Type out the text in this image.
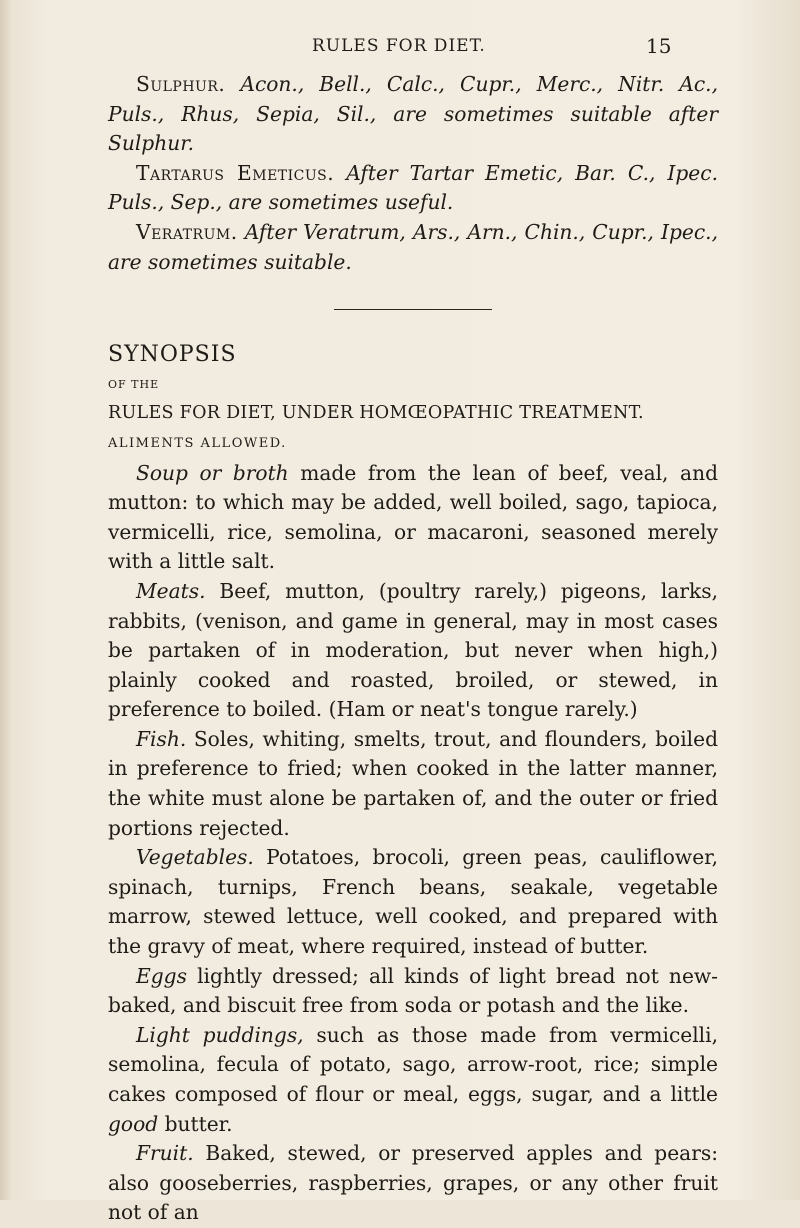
RULES FOR DIET.	15

Sulphur. Acon., Bell., Calc., Cupr., Merc., Nitr. Ac., Puls., Rhus, Sepia, Sil., are sometimes suitable after Sulphur.

Tartarus Emeticus. After Tartar Emetic, Bar. C., Ipec. Puls., Sep., are sometimes useful.

Veratrum. After Veratrum, Ars., Arn., Chin., Cupr., Ipec., are sometimes suitable.

SYNOPSIS

OF THE

RULES FOR DIET, UNDER HOMŒOPATHIC TREATMENT.

ALIMENTS ALLOWED.

Soup or broth made from the lean of beef, veal, and mutton: to which may be added, well boiled, sago, tapioca, vermicelli, rice, semolina, or macaroni, seasoned merely with a little salt.

Meats. Beef, mutton, (poultry rarely,) pigeons, larks, rabbits, (venison, and game in general, may in most cases be partaken of in moderation, but never when high,) plainly cooked and roasted, broiled, or stewed, in preference to boiled. (Ham or neat's tongue rarely.)

Fish. Soles, whiting, smelts, trout, and flounders, boiled in preference to fried; when cooked in the latter manner, the white must alone be partaken of, and the outer or fried portions rejected.

Vegetables. Potatoes, brocoli, green peas, cauliflower, spinach, turnips, French beans, seakale, vegetable marrow, stewed lettuce, well cooked, and prepared with the gravy of meat, where required, instead of butter.

Eggs lightly dressed; all kinds of light bread not new-baked, and biscuit free from soda or potash and the like.

Light puddings, such as those made from vermicelli, semolina, fecula of potato, sago, arrow-root, rice; simple cakes composed of flour or meal, eggs, sugar, and a little good butter.

Fruit. Baked, stewed, or preserved apples and pears: also gooseberries, raspberries, grapes, or any other fruit not of an
